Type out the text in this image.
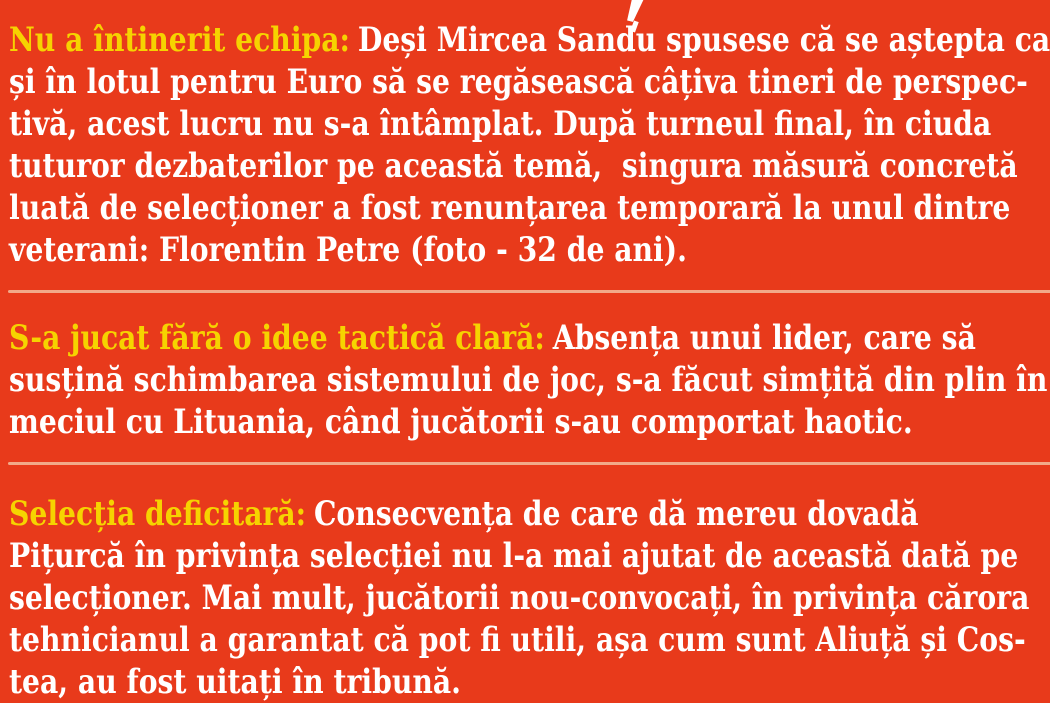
Nu a întinerit echipa: Deși Mircea Sandu spusese că se aștepta ca
și în lotul pentru Euro să se regăsească câțiva tineri de perspec-
tivă, acest lucru nu s-a întâmplat. După turneul final, în ciuda
tuturor dezbaterilor pe această temă,  singura măsură concretă
luată de selecționer a fost renunțarea temporară la unul dintre
veterani: Florentin Petre (foto - 32 de ani).
S-a jucat fără o idee tactică clară: Absența unui lider, care să
susțină schimbarea sistemului de joc, s-a făcut simțită din plin în
meciul cu Lituania, când jucătorii s-au comportat haotic.
Selecția deficitară: Consecvența de care dă mereu dovadă
Pițurcă în privința selecției nu l-a mai ajutat de această dată pe
selecționer. Mai mult, jucătorii nou-convocați, în privința cărora
tehnicianul a garantat că pot fi utili, așa cum sunt Aliuță și Cos-
tea, au fost uitați în tribună.
